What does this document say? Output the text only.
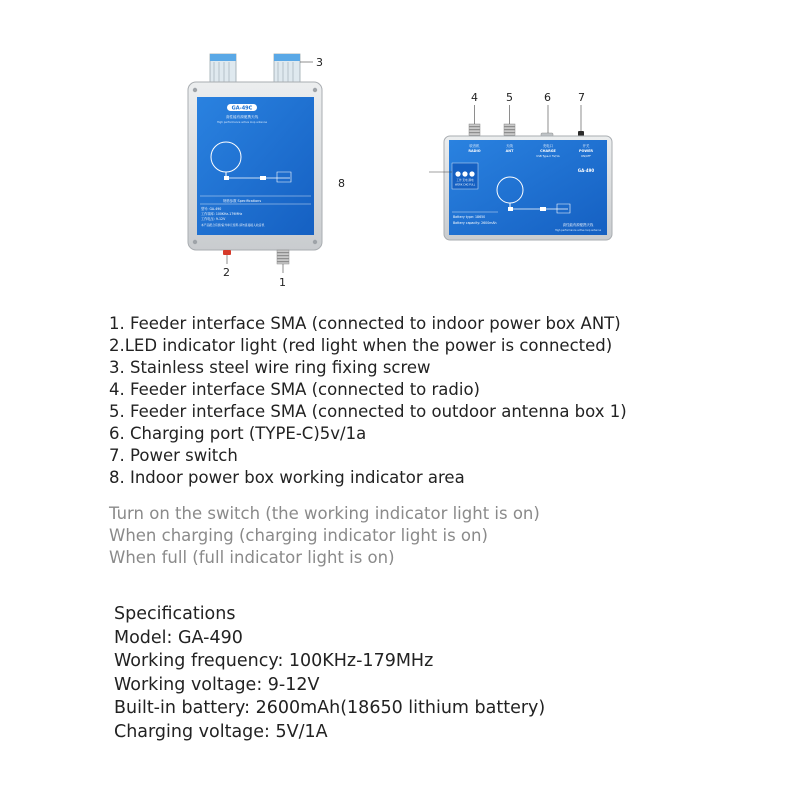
GA-49C
高性能有源便携天线
High performance active loop antenna
规格参数 Specifications
型号: GA-490
工作频率: 100KHz-179MHz
工作电压: 9-12V
本产品配合有源/室外单元使用,请勿直接接入收音机
收音机
RADIO
天线
ANT
充电口
CHARGE
USB Type-C 5V/1A
开关
POWER
ON/OFF
GA-490
工作 充电 满电
WORK CHG FULL
Battery type: 18650
Battery capacity: 2600mAh	高性能有源便携天线
High performance active loop antenna
3
8
2
1
4	5	6 7
1. Feeder interface SMA (connected to indoor power box ANT)
2.LED indicator light (red light when the power is connected)
3. Stainless steel wire ring fixing screw
4. Feeder interface SMA (connected to radio)
5. Feeder interface SMA (connected to outdoor antenna box 1)
6. Charging port (TYPE-C)5v/1a
7. Power switch
8. Indoor power box working indicator area
Turn on the switch (the working indicator light is on)
When charging (charging indicator light is on)
When full (full indicator light is on)
Specifications
Model: GA-490
Working frequency: 100KHz-179MHz
Working voltage: 9-12V
Built-in battery: 2600mAh(18650 lithium battery)
Charging voltage: 5V/1A
